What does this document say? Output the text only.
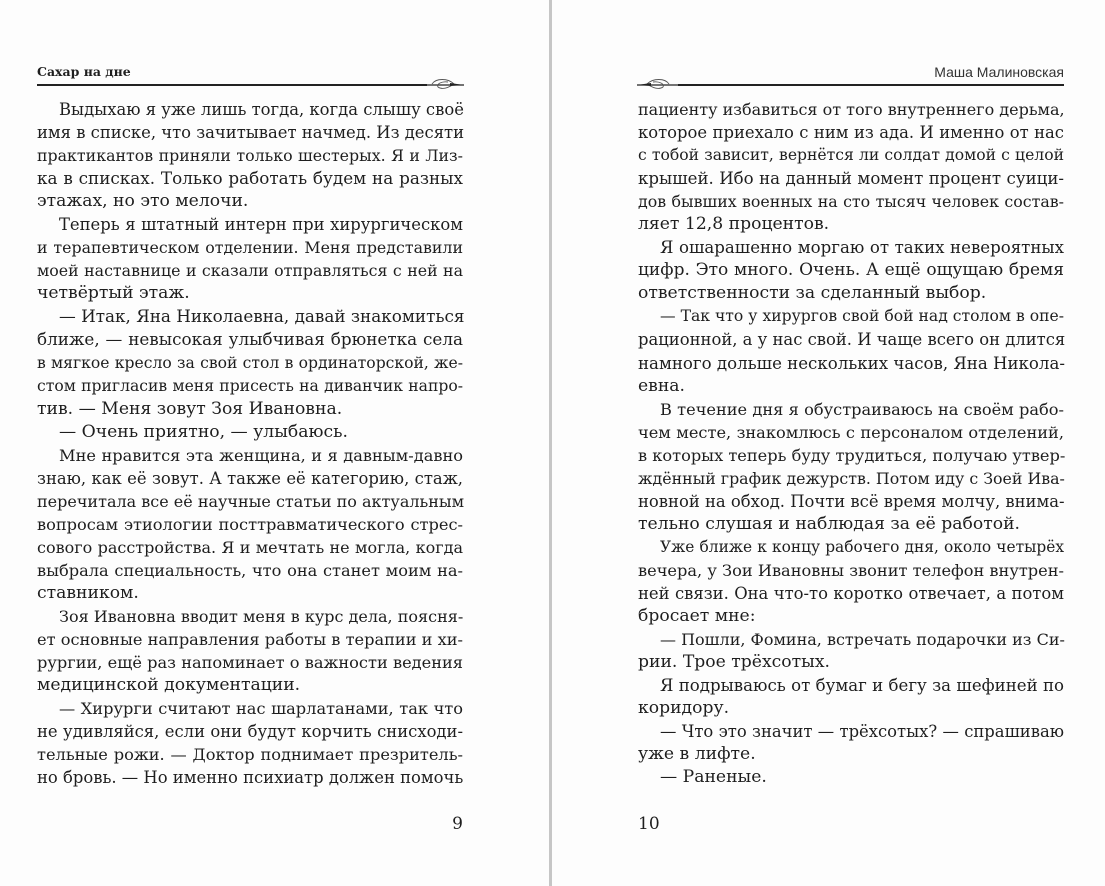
Сахар на дне
Выдыхаю я уже лишь тогда, когда слышу своё
имя в списке, что зачитывает начмед. Из десяти
практикантов приняли только шестерых. Я и Лиз-
ка в списках. Только работать будем на разных
этажах, но это мелочи.
Теперь я штатный интерн при хирургическом
и терапевтическом отделении. Меня представили
моей наставнице и сказали отправляться с ней на
четвёртый этаж.
— Итак, Яна Николаевна, давай знакомиться
ближе, — невысокая улыбчивая брюнетка села
в мягкое кресло за свой стол в ординаторской, же-
стом пригласив меня присесть на диванчик напро-
тив. — Меня зовут Зоя Ивановна.
— Очень приятно, — улыбаюсь.
Мне нравится эта женщина, и я давным-давно
знаю, как её зовут. А также её категорию, стаж,
перечитала все её научные статьи по актуальным
вопросам этиологии посттравматического стрес-
сового расстройства. Я и мечтать не могла, когда
выбрала специальность, что она станет моим на-
ставником.
Зоя Ивановна вводит меня в курс дела, поясня-
ет основные направления работы в терапии и хи-
рургии, ещё раз напоминает о важности ведения
медицинской документации.
— Хирурги считают нас шарлатанами, так что
не удивляйся, если они будут корчить снисходи-
тельные рожи. — Доктор поднимает презритель-
но бровь. — Но именно психиатр должен помочь
9
Маша Малиновская
пациенту избавиться от того внутреннего дерьма,
которое приехало с ним из ада. И именно от нас
с тобой зависит, вернётся ли солдат домой с целой
крышей. Ибо на данный момент процент суици-
дов бывших военных на сто тысяч человек состав-
ляет 12,8 процентов.
Я ошарашенно моргаю от таких невероятных
цифр. Это много. Очень. А ещё ощущаю бремя
ответственности за сделанный выбор.
— Так что у хирургов свой бой над столом в опе-
рационной, а у нас свой. И чаще всего он длится
намного дольше нескольких часов, Яна Никола-
евна.
В течение дня я обустраиваюсь на своём рабо-
чем месте, знакомлюсь с персоналом отделений,
в которых теперь буду трудиться, получаю утвер-
ждённый график дежурств. Потом иду с Зоей Ива-
новной на обход. Почти всё время молчу, внима-
тельно слушая и наблюдая за её работой.
Уже ближе к концу рабочего дня, около четырёх
вечера, у Зои Ивановны звонит телефон внутрен-
ней связи. Она что-то коротко отвечает, а потом
бросает мне:
— Пошли, Фомина, встречать подарочки из Си-
рии. Трое трёхсотых.
Я подрываюсь от бумаг и бегу за шефиней по
коридору.
— Что это значит — трёхсотых? — спрашиваю
уже в лифте.
— Раненые.
10
